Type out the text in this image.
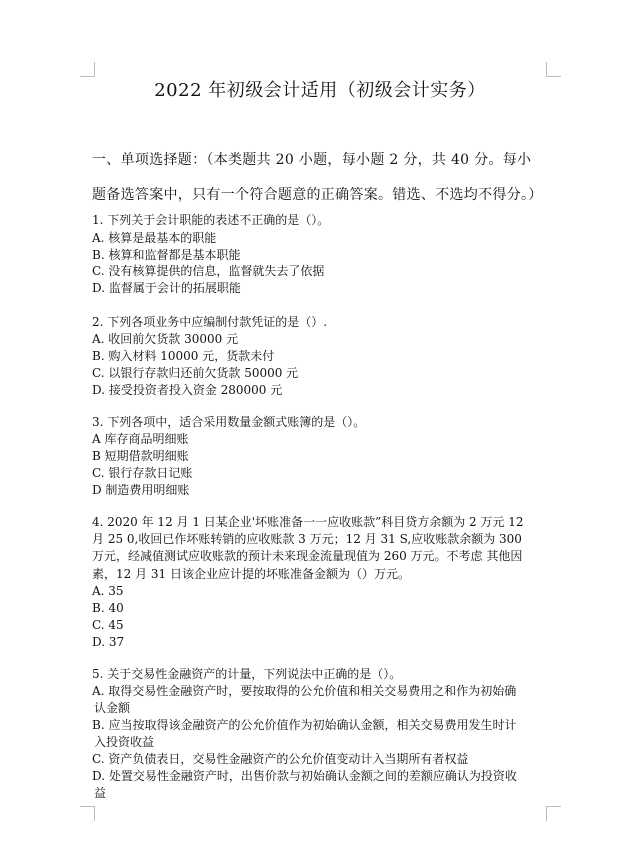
2022 年初级会计适用（初级会计实务）
一、单项选择题：（本类题共 20 小题，每小题 2 分，共 40 分。每小
题备选答案中，只有一个符合题意的正确答案。错选、不选均不得分。）
1. 下列关于会计职能的表述不正确的是（）。
A. 核算是最基本的职能
B. 核算和监督都是基本职能
C. 没有核算提供的信息，监督就失去了依据
D. 监督属于会计的拓展职能
2. 下列各项业务中应编制付款凭证的是（）.
A. 收回前欠货款 30000 元
B. 购入材料 10000 元，货款未付
C. 以银行存款归还前欠货款 50000 元
D. 接受投资者投入资金 280000 元
3. 下列各项中，适合采用数量金额式账簿的是（）。
A 库存商品明细账
B 短期借款明细账
C. 银行存款日记账
D 制造费用明细账
4. 2020 年 12 月 1 日某企业'坏账准备一一应收账款”科目贷方余额为 2 万元 12
月 25 0,收回已作坏账转销的应收账款 3 万元；12 月 31 S,应收账款余额为 300
万元，经减值测试应收账款的预计未来现金流量现值为 260 万元。不考虑 其他因
素，12 月 31 日该企业应计提的坏账准备金额为（）万元。
A. 35
B. 40
C. 45
D. 37
5. 关于交易性金融资产的计量，下列说法中正确的是（）。
A. 取得交易性金融资产时，要按取得的公允价值和相关交易费用之和作为初始确
认金额
B. 应当按取得该金融资产的公允价值作为初始确认金额，相关交易费用发生时计
入投资收益
C. 资产负债表日，交易性金融资产的公允价值变动计入当期所有者权益
D. 处置交易性金融资产时，出售价款与初始确认金额之间的差额应确认为投资收
益
